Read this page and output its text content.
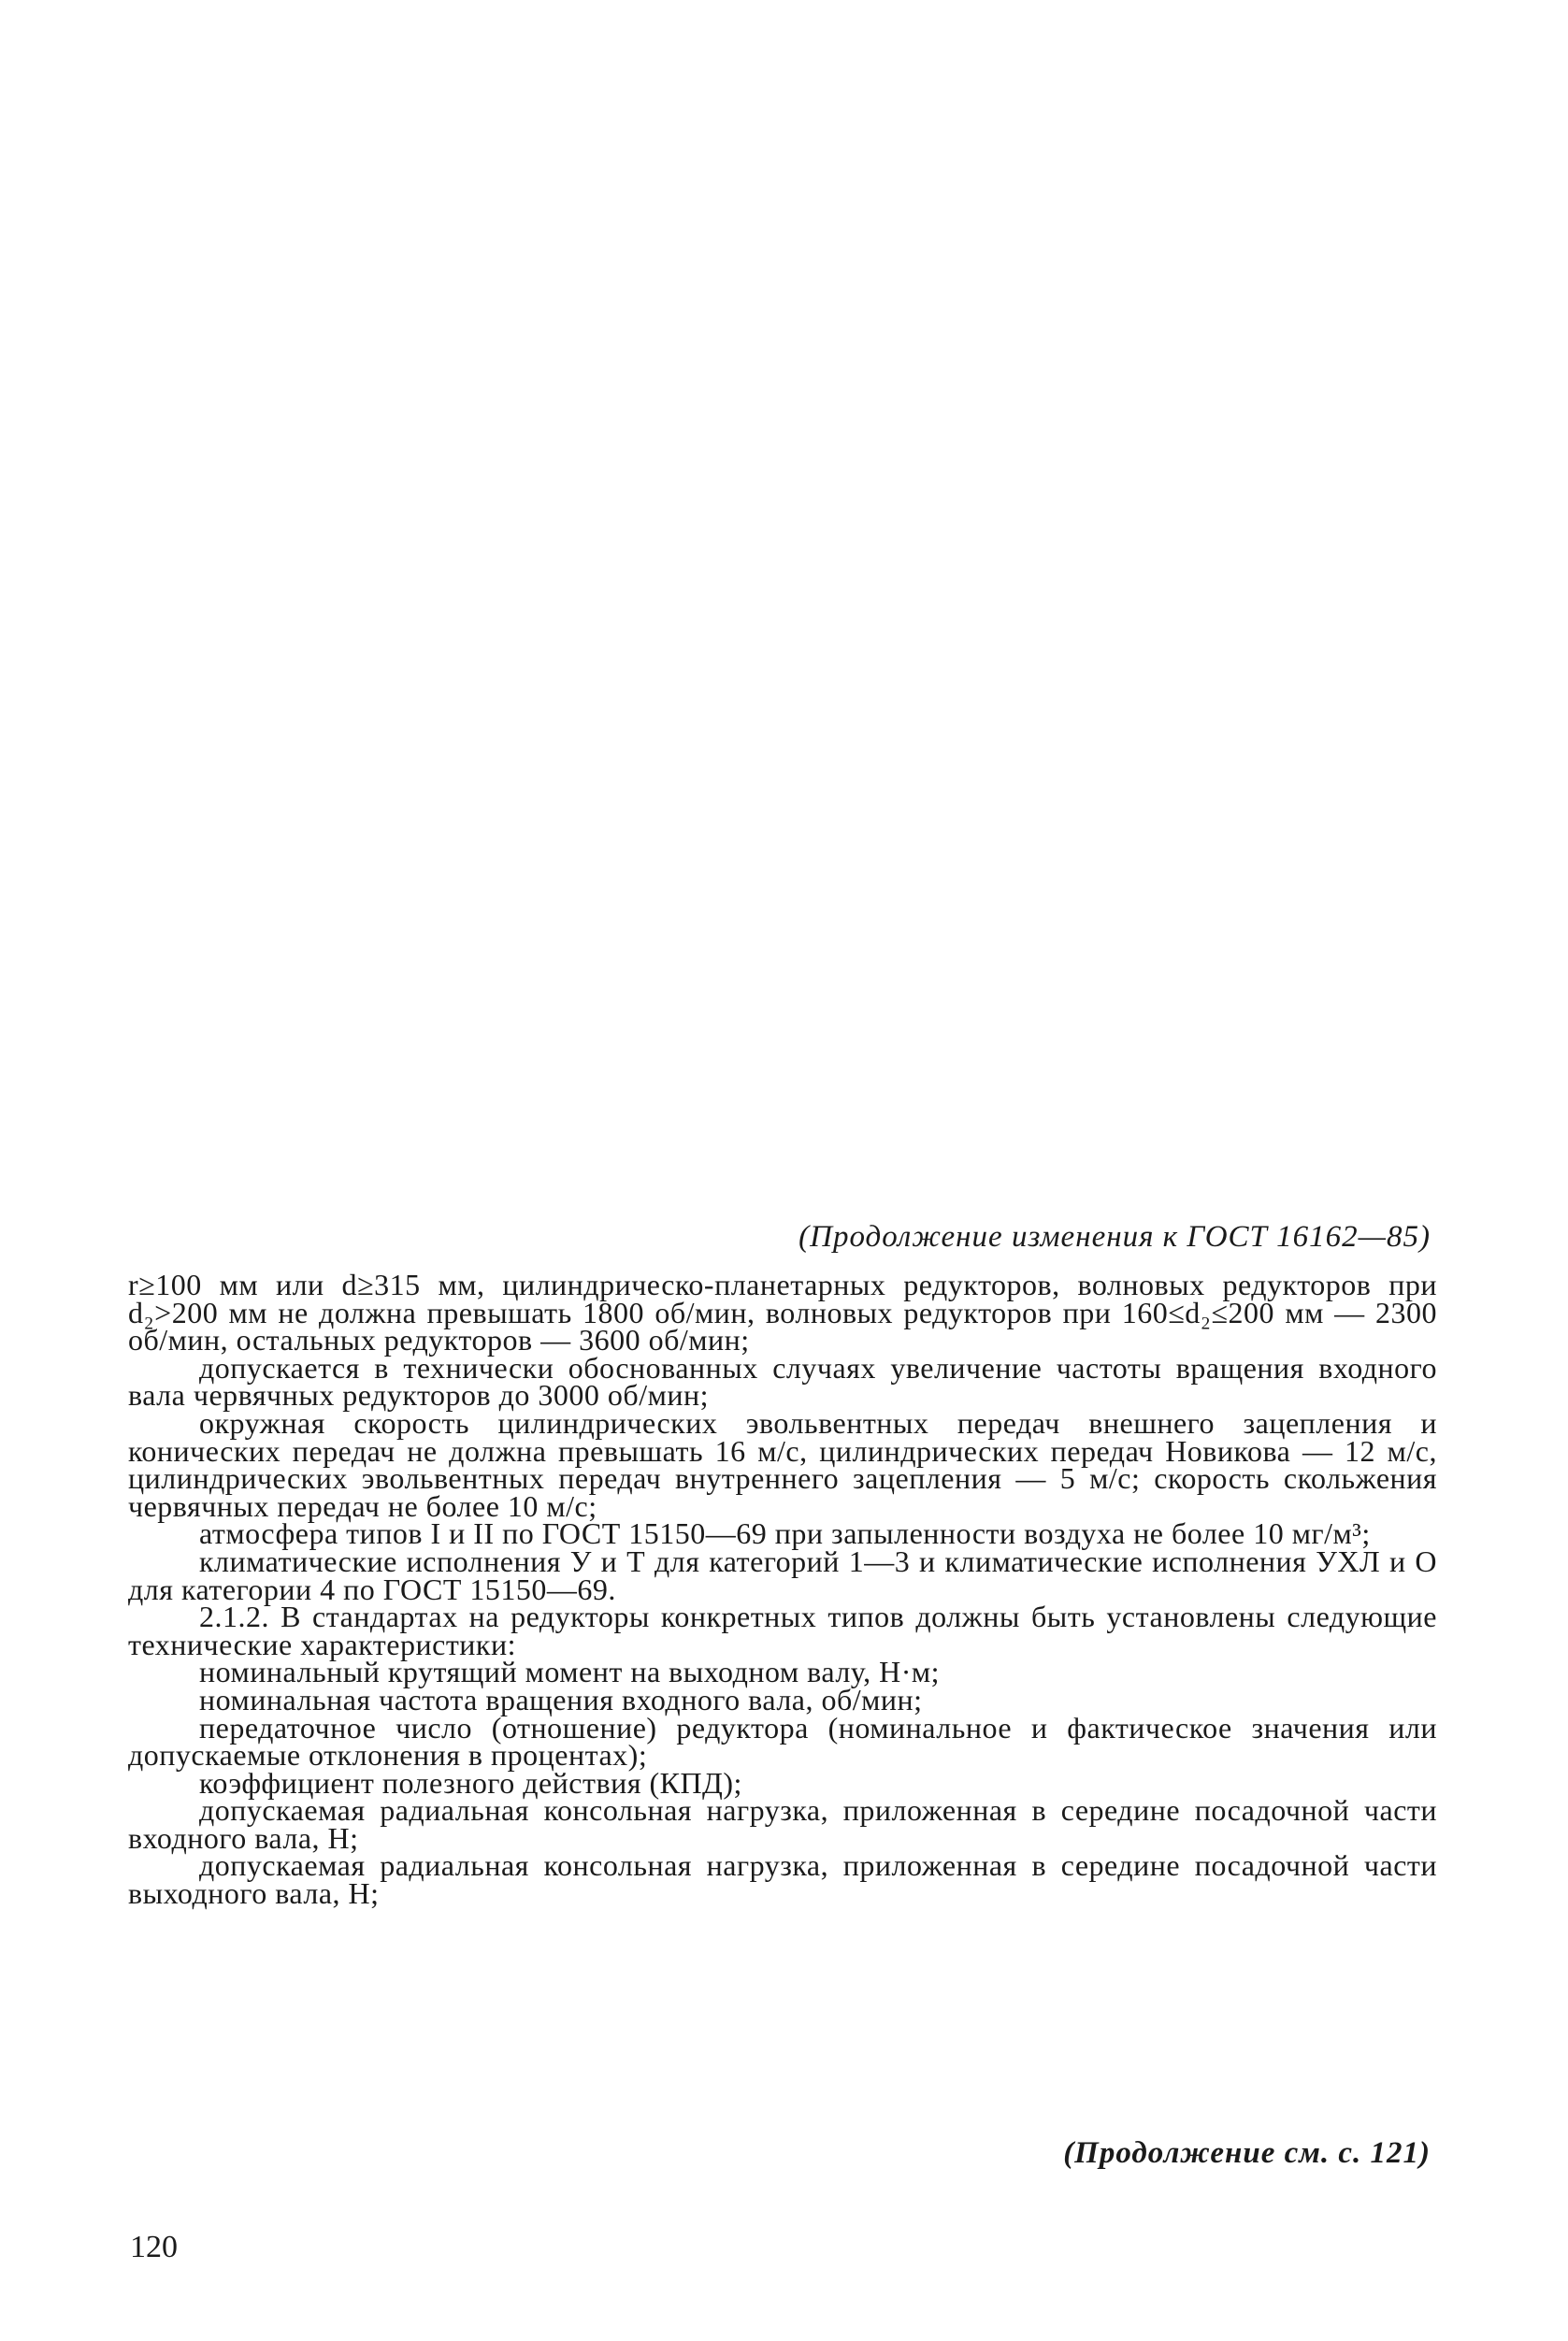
(Продолжение изменения к ГОСТ 16162—85)

r≥100 мм или d≥315 мм, цилиндрическо-планетарных редукторов, волновых редукторов при d₂>200 мм не должна превышать 1800 об/мин, волновых редукторов при 160≤d₂≤200 мм — 2300 об/мин, остальных редукторов — 3600 об/мин;

допускается в технически обоснованных случаях увеличение частоты вращения входного вала червячных редукторов до 3000 об/мин;

окружная скорость цилиндрических эвольвентных передач внешнего зацепления и конических передач не должна превышать 16 м/с, цилиндрических передач Новикова — 12 м/с, цилиндрических эвольвентных передач внутреннего зацепления — 5 м/с; скорость скольжения червячных передач не более 10 м/с;

атмосфера типов I и II по ГОСТ 15150—69 при запыленности воздуха не более 10 мг/м³;

климатические исполнения У и Т для категорий 1—3 и климатические исполнения УХЛ и О для категории 4 по ГОСТ 15150—69.

2.1.2. В стандартах на редукторы конкретных типов должны быть установлены следующие технические характеристики:

номинальный крутящий момент на выходном валу, Н·м;

номинальная частота вращения входного вала, об/мин;

передаточное число (отношение) редуктора (номинальное и фактическое значения или допускаемые отклонения в процентах);

коэффициент полезного действия (КПД);

допускаемая радиальная консольная нагрузка, приложенная в середине посадочной части входного вала, Н;

допускаемая радиальная консольная нагрузка, приложенная в середине посадочной части выходного вала, Н;

(Продолжение см. с. 121)
120
